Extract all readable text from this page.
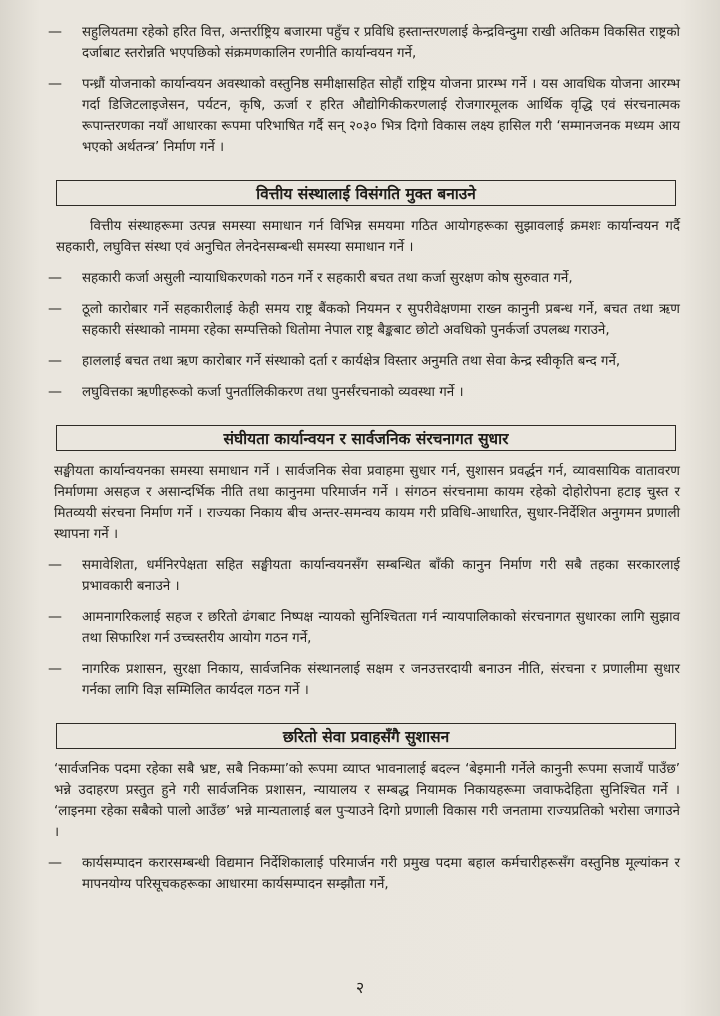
—	सहुलियतमा रहेको हरित वित्त, अन्तर्राष्ट्रिय बजारमा पहुँच र प्रविधि हस्तान्तरणलाई केन्द्रविन्दुमा राखी अतिकम विकसित राष्ट्रको दर्जाबाट स्तरोन्नति भएपछिको संक्रमणकालिन रणनीति कार्यान्वयन गर्ने,
—	पन्ध्रौं योजनाको कार्यान्वयन अवस्थाको वस्तुनिष्ठ समीक्षासहित सोहौं राष्ट्रिय योजना प्रारम्भ गर्ने । यस आवधिक योजना आरम्भ गर्दा डिजिटलाइजेसन, पर्यटन, कृषि, ऊर्जा र हरित औद्योगिकीकरणलाई रोजगारमूलक आर्थिक वृद्धि एवं संरचनात्मक रूपान्तरणका नयाँ आधारका रूपमा परिभाषित गर्दै सन् २०३० भित्र दिगो विकास लक्ष्य हासिल गरी ‘सम्मानजनक मध्यम आय भएको अर्थतन्त्र’ निर्माण गर्ने ।
वित्तीय संस्थालाई विसंगति मुक्त बनाउने

वित्तीय संस्थाहरूमा उत्पन्न समस्या समाधान गर्न विभिन्न समयमा गठित आयोगहरूका सुझावलाई क्रमशः कार्यान्वयन गर्दै सहकारी, लघुवित्त संस्था एवं अनुचित लेनदेनसम्बन्धी समस्या समाधान गर्ने ।

—	सहकारी कर्जा असुली न्यायाधिकरणको गठन गर्ने र सहकारी बचत तथा कर्जा सुरक्षण कोष सुरुवात गर्ने,
—	ठूलो कारोबार गर्ने सहकारीलाई केही समय राष्ट्र बैंकको नियमन र सुपरीवेक्षणमा राख्न कानुनी प्रबन्ध गर्ने, बचत तथा ऋण सहकारी संस्थाको नाममा रहेका सम्पत्तिको धितोमा नेपाल राष्ट्र बैङ्कबाट छोटो अवधिको पुनर्कर्जा उपलब्ध गराउने,
—	हाललाई बचत तथा ऋण कारोबार गर्ने संस्थाको दर्ता र कार्यक्षेत्र विस्तार अनुमति तथा सेवा केन्द्र स्वीकृति बन्द गर्ने,
—	लघुवित्तका ऋणीहरूको कर्जा पुनर्तालिकीकरण तथा पुनर्संरचनाको व्यवस्था गर्ने ।
संघीयता कार्यान्वयन र सार्वजनिक संरचनागत सुधार

सङ्घीयता कार्यान्वयनका समस्या समाधान गर्ने । सार्वजनिक सेवा प्रवाहमा सुधार गर्न, सुशासन प्रवर्द्धन गर्न, व्यावसायिक वातावरण निर्माणमा असहज र असान्दर्भिक नीति तथा कानुनमा परिमार्जन गर्ने । संगठन संरचनामा कायम रहेको दोहोरोपना हटाइ चुस्त र मितव्ययी संरचना निर्माण गर्ने । राज्यका निकाय बीच अन्तर-समन्वय कायम गरी प्रविधि-आधारित, सुधार-निर्देशित अनुगमन प्रणाली स्थापना गर्ने ।

—	समावेशिता, धर्मनिरपेक्षता सहित सङ्घीयता कार्यान्वयनसँग सम्बन्धित बाँकी कानुन निर्माण गरी सबै तहका सरकारलाई प्रभावकारी बनाउने ।
—	आमनागरिकलाई सहज र छरितो ढंगबाट निष्पक्ष न्यायको सुनिश्चितता गर्न न्यायपालिकाको संरचनागत सुधारका लागि सुझाव तथा सिफारिश गर्न उच्चस्तरीय आयोग गठन गर्ने,
—	नागरिक प्रशासन, सुरक्षा निकाय, सार्वजनिक संस्थानलाई सक्षम र जनउत्तरदायी बनाउन नीति, संरचना र प्रणालीमा सुधार गर्नका लागि विज्ञ सम्मिलित कार्यदल गठन गर्ने ।
छरितो सेवा प्रवाहसँगै सुशासन

‘सार्वजनिक पदमा रहेका सबै भ्रष्ट, सबै निकम्मा’को रूपमा व्याप्त भावनालाई बदल्न ‘बेइमानी गर्नेले कानुनी रूपमा सजायँ पाउँछ’ भन्ने उदाहरण प्रस्तुत हुने गरी सार्वजनिक प्रशासन, न्यायालय र सम्बद्ध नियामक निकायहरूमा जवाफदेहिता सुनिश्चित गर्ने । ‘लाइनमा रहेका सबैको पालो आउँछ’ भन्ने मान्यतालाई बल पुऱ्याउने दिगो प्रणाली विकास गरी जनतामा राज्यप्रतिको भरोसा जगाउने ।

—	कार्यसम्पादन करारसम्बन्धी विद्यमान निर्देशिकालाई परिमार्जन गरी प्रमुख पदमा बहाल कर्मचारीहरूसँग वस्तुनिष्ठ मूल्यांकन र मापनयोग्य परिसूचकहरूका आधारमा कार्यसम्पादन सम्झौता गर्ने,
२
